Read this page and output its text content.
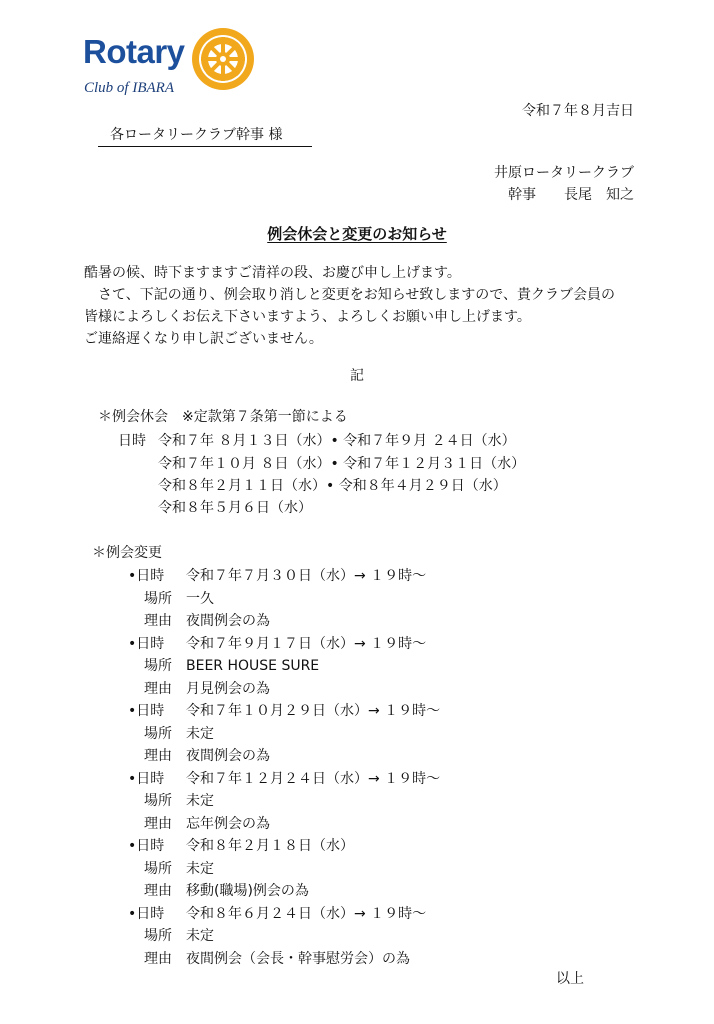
Rotary
Club of IBARA
令和７年８月吉日
各ロータリークラブ幹事 様
井原ロータリークラブ
幹事　　長尾　知之
例会休会と変更のお知らせ
酷暑の候、時下ますますご清祥の段、お慶び申し上げます。
　さて、下記の通り、例会取り消しと変更をお知らせ致しますので、貴クラブ会員の
皆様によろしくお伝え下さいますよう、よろしくお願い申し上げます。
ご連絡遅くなり申し訳ございません。
記
＊例会休会　※定款第７条第一節による
日時 令和７年 ８月１３日（水）• 令和７年９月 ２４日（水）
令和７年１０月 ８日（水）• 令和７年１２月３１日（水）
令和８年２月１１日（水）• 令和８年４月２９日（水）
令和８年５月６日（水）
＊例会変更
•日時 令和７年７月３０日（水）→ １９時～
場所 一久
理由 夜間例会の為
•日時 令和７年９月１７日（水）→ １９時～
場所 BEER HOUSE SURE
理由 月見例会の為
•日時 令和７年１０月２９日（水）→ １９時～
場所 未定
理由 夜間例会の為
•日時 令和７年１２月２４日（水）→ １９時～
場所 未定
理由 忘年例会の為
•日時 令和８年２月１８日（水）
場所 未定
理由 移動(職場)例会の為
•日時 令和８年６月２４日（水）→ １９時～
場所 未定
理由 夜間例会（会長・幹事慰労会）の為
以上
